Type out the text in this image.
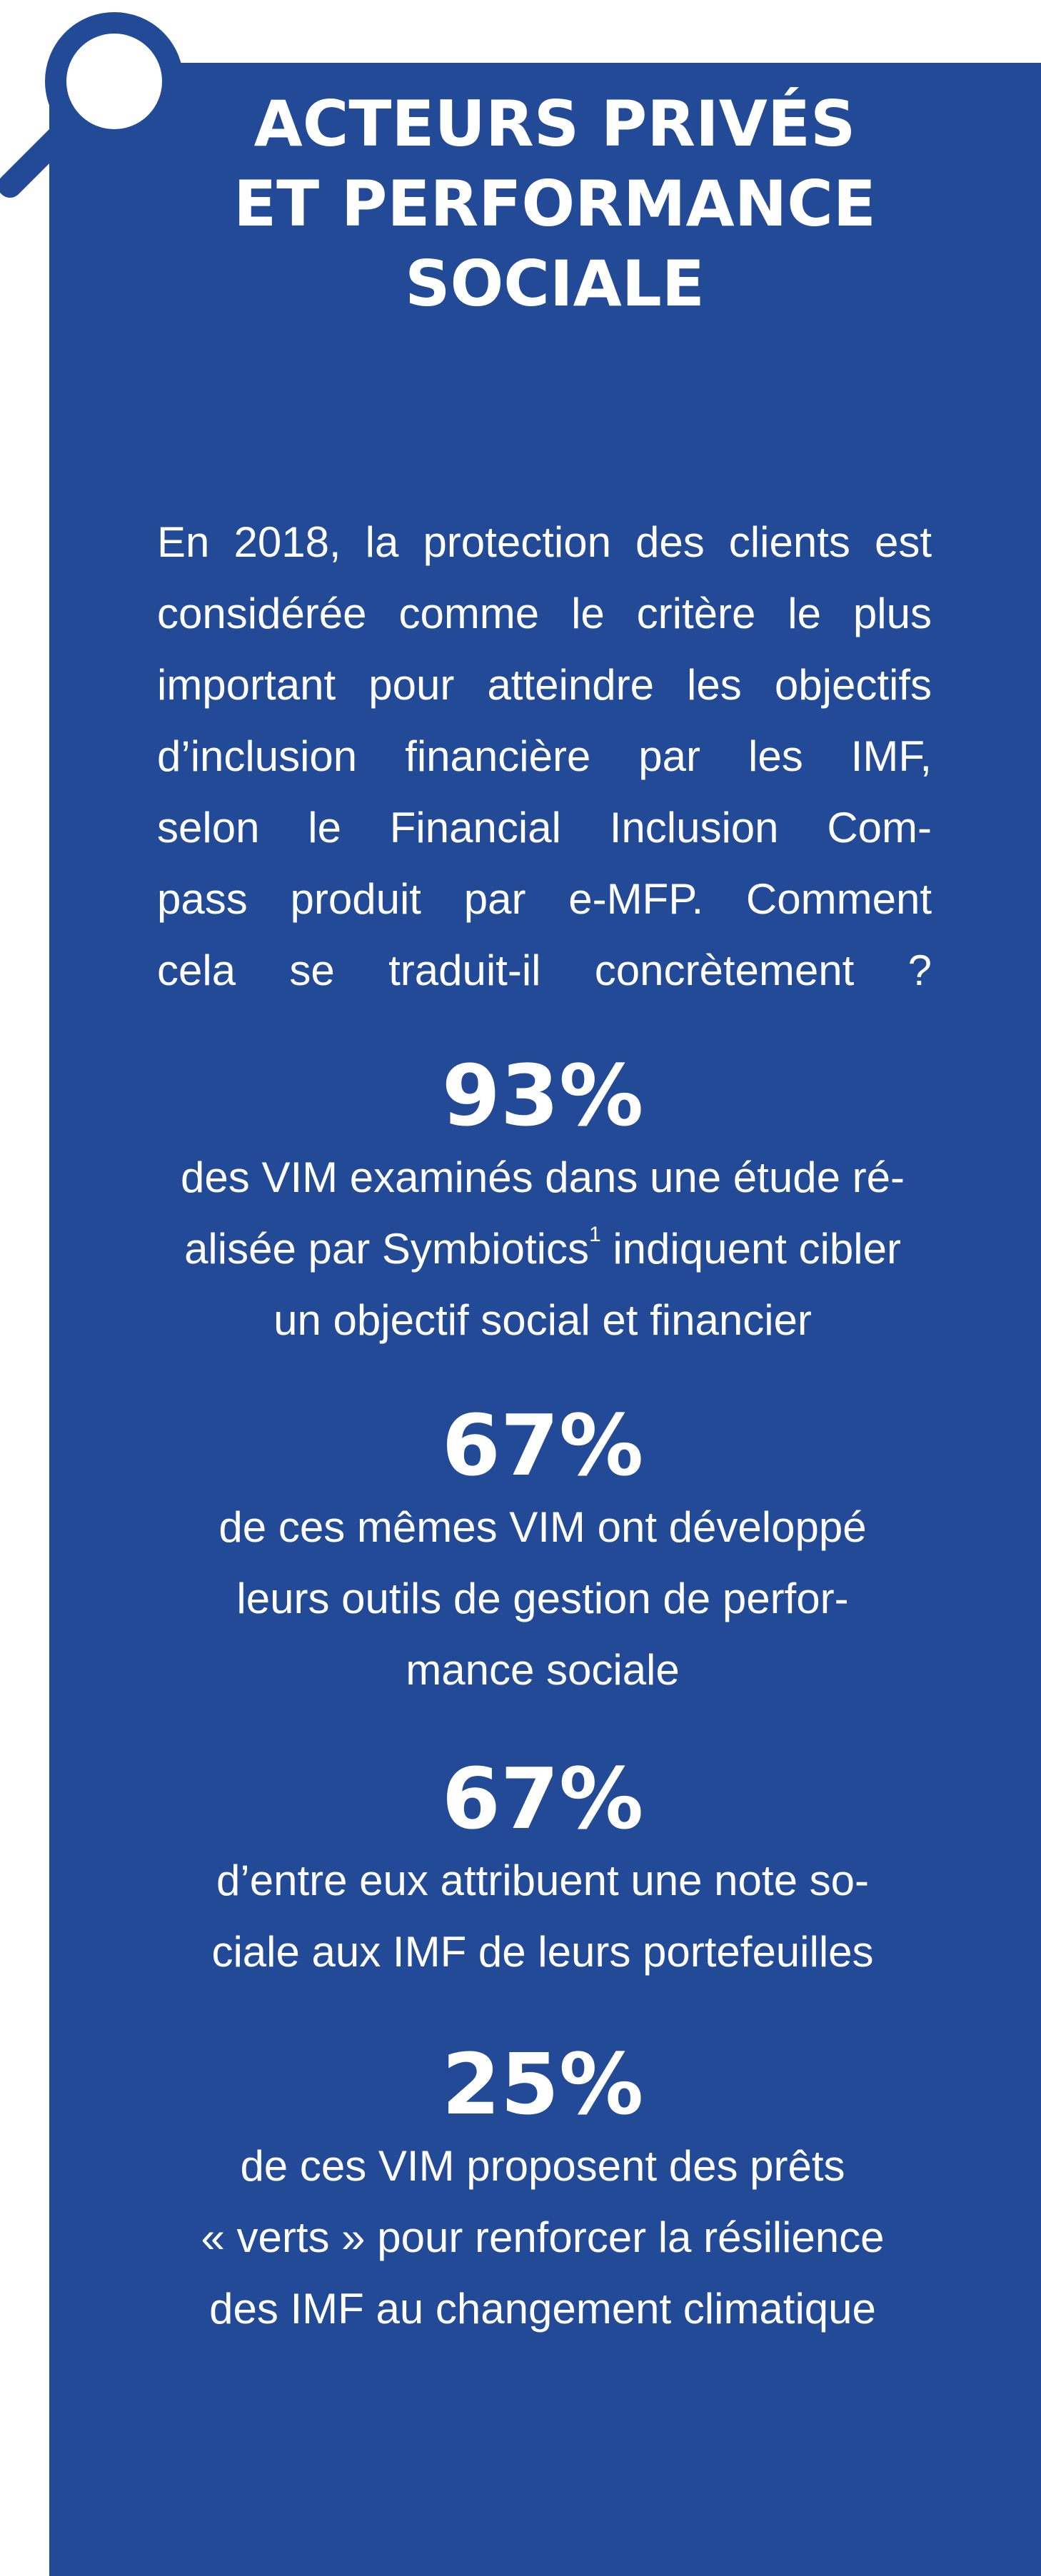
ACTEURS PRIVÉS
ET PERFORMANCE
SOCIALE

En 2018, la protection des clients est
considérée comme le critère le plus
important pour atteindre les objectifs
d’inclusion financière par les IMF,
selon le Financial Inclusion Com-
pass produit par e-MFP. Comment
cela se traduit-il concrètement ?

93%
des VIM examinés dans une étude ré-
alisée par Symbiotics$^1$ indiquent cibler
un objectif social et financier
67%
de ces mêmes VIM ont développé
leurs outils de gestion de perfor-
mance sociale
67%
d’entre eux attribuent une note so-
ciale aux IMF de leurs portefeuilles
25%
de ces VIM proposent des prêts
« verts » pour renforcer la résilience
des IMF au changement climatique
